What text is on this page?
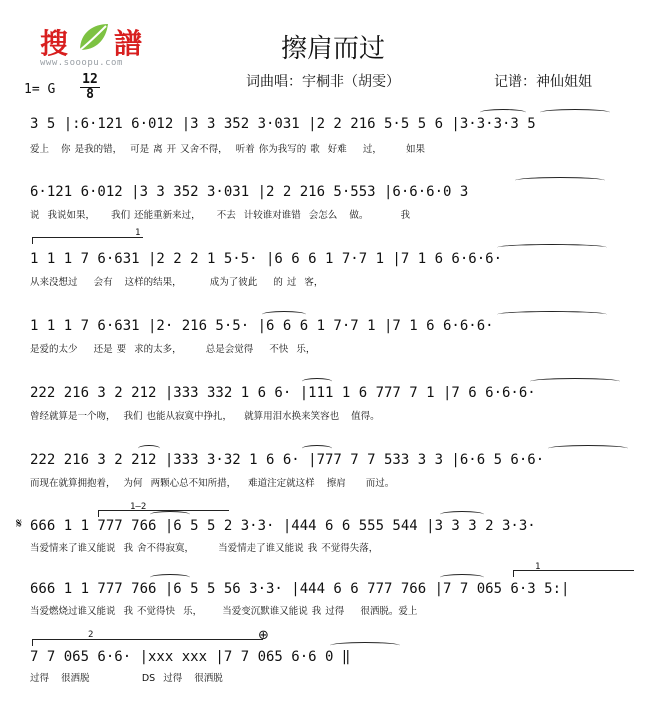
搜 譜
www.sooopu.com	擦肩而过
1= G
12
8
词曲唱：宇桐非（胡雯）	记谱：神仙姐姐
3 5 |:6·121 6·012 |3 3 3̇52 3·031 |2 2 216 5·5 5 6 |3·3·3·3 5
爱上   你 是我的错，  可是 离 开 又舍不得，  听着 你为我写的 歌  好难    过，      如果
6·121 6·012 |3 3 3̇52 3·031 |2 2 216 5·553 |6·6·6·0 3
说  我说如果，    我们 还能重新来过，    不去  计较谁对谁错  会怎么   做。        我
1 1 1 7 6·631 |2 2 2 1 5·5· |6 6 6 1 7·7 1 |7 1 6 6·6·6·
从来没想过    会有   这样的结果，       成为了彼此    的 过  客，
1 1 1 7 6·631 |2· 216 5·5· |6 6 6 1 7·7 1 |7 1 6 6·6·6·
是爱的太少    还是 要  求的太多，      总是会觉得    不快  乐，
222 216 3 2 212 |333 332 1 6 6· |111 1 6 777 7 1 |7 6 6·6·6·
曾经就算是一个吻，  我们 也能从寂寞中挣扎，   就算用泪水换来笑容也   值得。
222 216 3 2 212 |333 3·32 1 6 6· |777 7 7 533 3 3 |6·6 5 6·6·
而现在就算拥抱着，  为何  两颗心总不知所措，   难道注定就这样   擦肩     而过。
666 1 1 777 766 |6 5 5 2 3·3· |444 6 6 555 544 |3 3 3 2 3·3·
当爱情来了谁又能说  我 舍不得寂寞，      当爱情走了谁又能说 我 不觉得失落，
666 1 1 777 766 |6 5 5 56 3·3· |444 6 6 777 766 |7 7 065 6·3 5:|
当爱燃烧过谁又能说  我 不觉得快  乐，     当爱变沉默谁又能说 我 过得    很洒脱。爱上
7 7 065 6·6· |xxx xxx |7 7 065 6·6 0 ‖
过得   很洒脱             DS  过得   很洒脱
𝄋
⊕
1
1—2
1
2
